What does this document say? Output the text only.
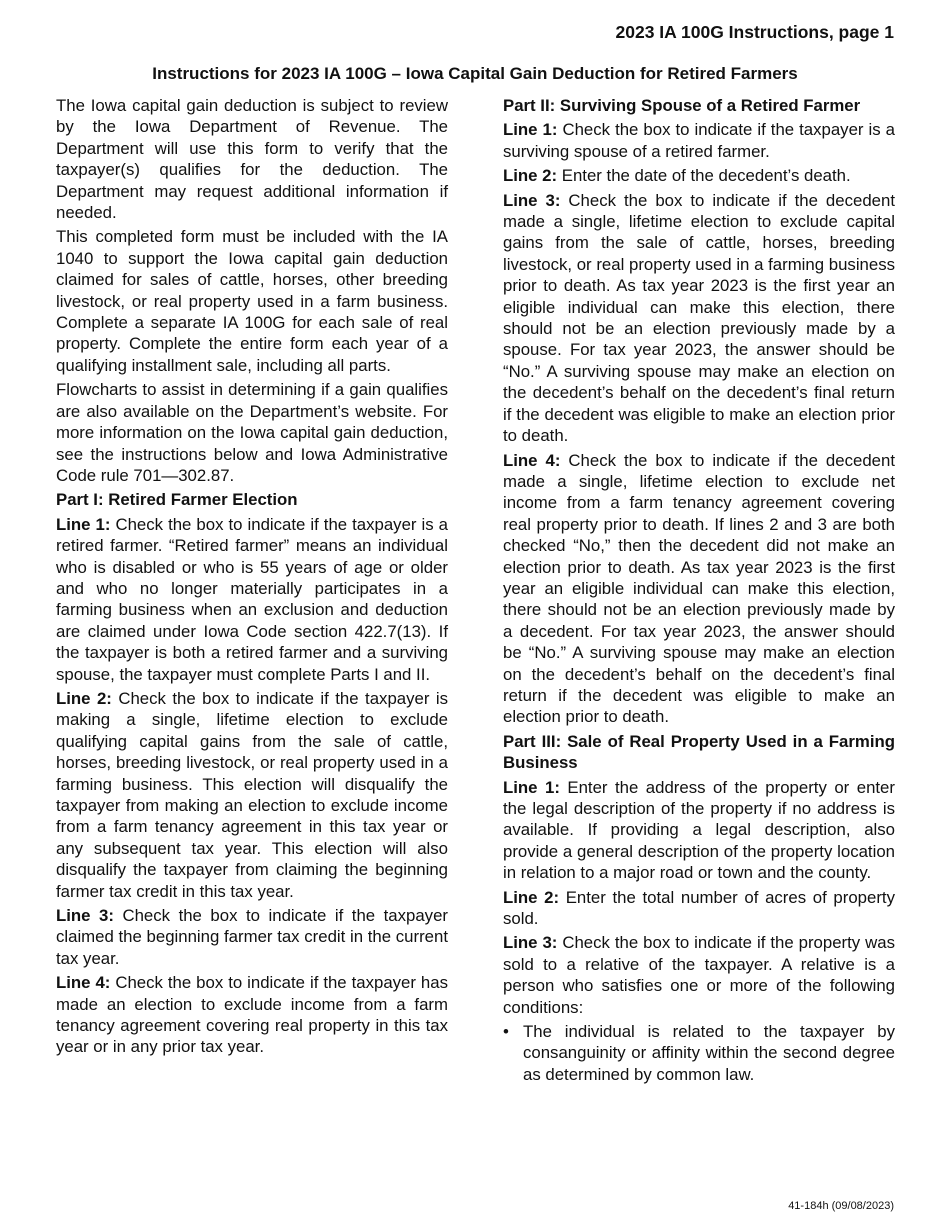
2023 IA 100G Instructions, page 1
Instructions for 2023 IA 100G – Iowa Capital Gain Deduction for Retired Farmers

The Iowa capital gain deduction is subject to review by the Iowa Department of Revenue. The Department will use this form to verify that the taxpayer(s) qualifies for the deduction. The Department may request additional information if needed.

This completed form must be included with the IA 1040 to support the Iowa capital gain deduction claimed for sales of cattle, horses, other breeding livestock, or real property used in a farm business. Complete a separate IA 100G for each sale of real property. Complete the entire form each year of a qualifying installment sale, including all parts.

Flowcharts to assist in determining if a gain qualifies are also available on the Department’s website. For more information on the Iowa capital gain deduction, see the instructions below and Iowa Administrative Code rule 701—302.87.

Part I: Retired Farmer Election

Line 1: Check the box to indicate if the taxpayer is a retired farmer. “Retired farmer” means an individual who is disabled or who is 55 years of age or older and who no longer materially participates in a farming business when an exclusion and deduction are claimed under Iowa Code section 422.7(13). If the taxpayer is both a retired farmer and a surviving spouse, the taxpayer must complete Parts I and II.

Line 2: Check the box to indicate if the taxpayer is making a single, lifetime election to exclude qualifying capital gains from the sale of cattle, horses, breeding livestock, or real property used in a farming business. This election will disqualify the taxpayer from making an election to exclude income from a farm tenancy agreement in this tax year or any subsequent tax year. This election will also disqualify the taxpayer from claiming the beginning farmer tax credit in this tax year.

Line 3: Check the box to indicate if the taxpayer claimed the beginning farmer tax credit in the current tax year.

Line 4: Check the box to indicate if the taxpayer has made an election to exclude income from a farm tenancy agreement covering real property in this tax year or in any prior tax year.

Part II: Surviving Spouse of a Retired Farmer

Line 1: Check the box to indicate if the taxpayer is a surviving spouse of a retired farmer.

Line 2: Enter the date of the decedent’s death.

Line 3: Check the box to indicate if the decedent made a single, lifetime election to exclude capital gains from the sale of cattle, horses, breeding livestock, or real property used in a farming business prior to death. As tax year 2023 is the first year an eligible individual can make this election, there should not be an election previously made by a spouse. For tax year 2023, the answer should be “No.” A surviving spouse may make an election on the decedent’s behalf on the decedent’s final return if the decedent was eligible to make an election prior to death.

Line 4: Check the box to indicate if the decedent made a single, lifetime election to exclude net income from a farm tenancy agreement covering real property prior to death. If lines 2 and 3 are both checked “No,” then the decedent did not make an election prior to death. As tax year 2023 is the first year an eligible individual can make this election, there should not be an election previously made by a decedent. For tax year 2023, the answer should be “No.” A surviving spouse may make an election on the decedent’s behalf on the decedent’s final return if the decedent was eligible to make an election prior to death.

Part III: Sale of Real Property Used in a Farming Business

Line 1: Enter the address of the property or enter the legal description of the property if no address is available. If providing a legal description, also provide a general description of the property location in relation to a major road or town and the county.

Line 2: Enter the total number of acres of property sold.

Line 3: Check the box to indicate if the property was sold to a relative of the taxpayer. A relative is a person who satisfies one or more of the following conditions:

• The individual is related to the taxpayer by consanguinity or affinity within the second degree as determined by common law.
41-184h (09/08/2023)
